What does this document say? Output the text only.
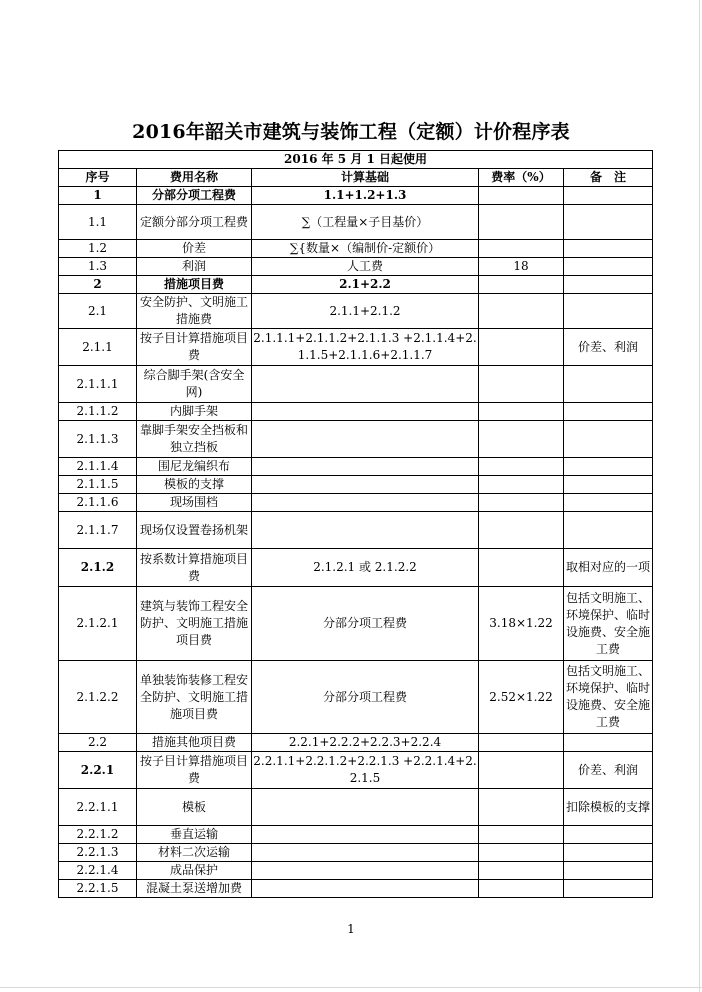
2016年韶关市建筑与装饰工程（定额）计价程序表
2016 年 5 月 1 日起使用				
序号	费用名称	计算基础	费率（%）	备　注
1	分部分项工程费	1.1+1.2+1.3		
1.1	定额分部分项工程费	∑（工程量×子目基价）		
1.2	价差	∑{数量×（编制价-定额价）		
1.3	利润	人工费	18	
2	措施项目费	2.1+2.2		
2.1	安全防护、文明施工措施费	2.1.1+2.1.2		
2.1.1	按子目计算措施项目费	2.1.1.1+2.1.1.2+2.1.1.3 +2.1.1.4+2.1.1.5+2.1.1.6+2.1.1.7		价差、利润
2.1.1.1	综合脚手架(含安全网)			
2.1.1.2	内脚手架			
2.1.1.3	靠脚手架安全挡板和独立挡板			
2.1.1.4	围尼龙编织布			
2.1.1.5	模板的支撑			
2.1.1.6	现场围档			
2.1.1.7	现场仅设置卷扬机架			
2.1.2	按系数计算措施项目费	2.1.2.1 或 2.1.2.2		取相对应的一项
2.1.2.1	建筑与装饰工程安全防护、文明施工措施项目费	分部分项工程费	3.18×1.22	包括文明施工、环境保护、临时设施费、安全施工费
2.1.2.2	单独装饰装修工程安全防护、文明施工措施项目费	分部分项工程费	2.52×1.22	包括文明施工、环境保护、临时设施费、安全施工费
2.2	措施其他项目费	2.2.1+2.2.2+2.2.3+2.2.4		
2.2.1	按子目计算措施项目费	2.2.1.1+2.2.1.2+2.2.1.3 +2.2.1.4+2.2.1.5		价差、利润
2.2.1.1	模板			扣除模板的支撑
2.2.1.2	垂直运输			
2.2.1.3	材料二次运输			
2.2.1.4	成品保护			
2.2.1.5	混凝土泵送增加费			
1
